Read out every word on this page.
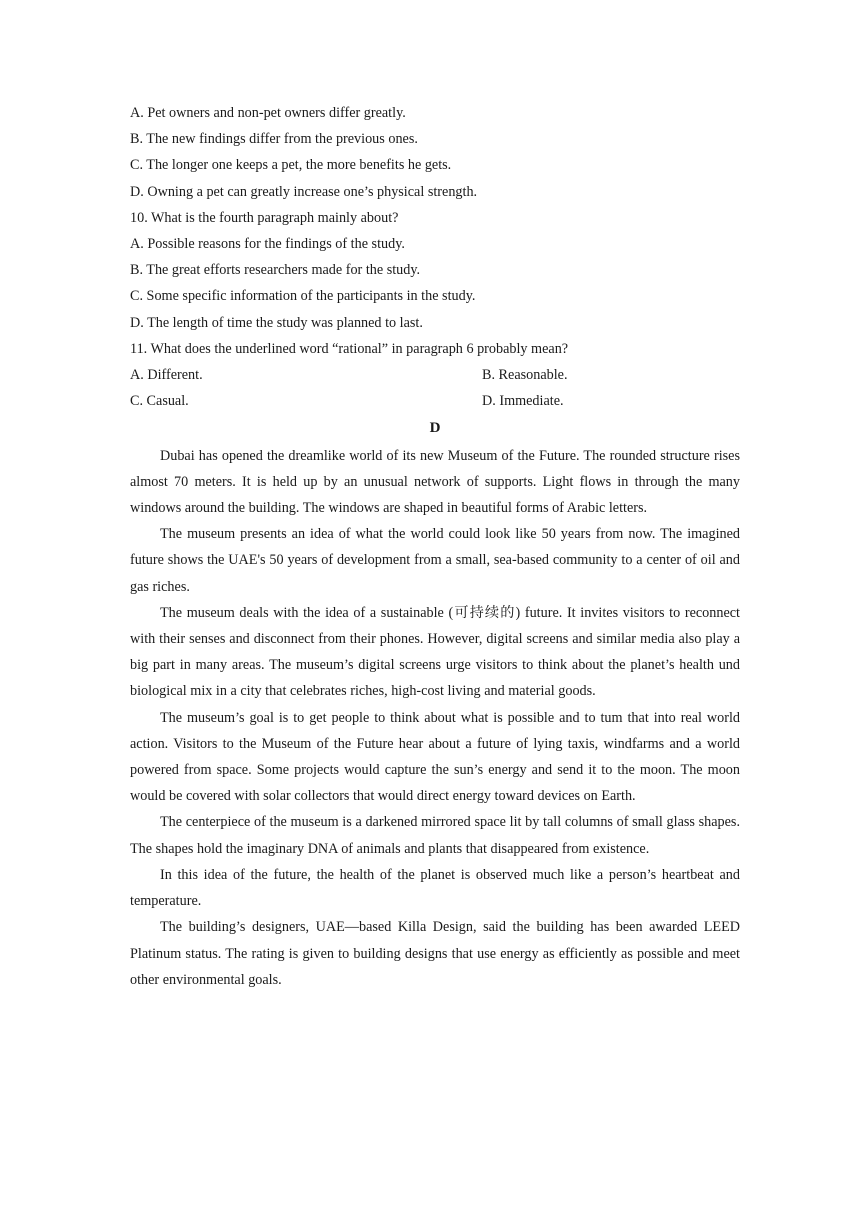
A. Pet owners and non-pet owners differ greatly.

B. The new findings differ from the previous ones.

C. The longer one keeps a pet, the more benefits he gets.

D. Owning a pet can greatly increase one’s physical strength.

10. What is the fourth paragraph mainly about?

A. Possible reasons for the findings of the study.

B. The great efforts researchers made for the study.

C. Some specific information of the participants in the study.

D. The length of time the study was planned to last.

11. What does the underlined word “rational” in paragraph 6 probably mean?

A. Different.	B. Reasonable.
C. Casual.	D. Immediate.
D

Dubai has opened the dreamlike world of its new Museum of the Future. The rounded structure rises almost 70 meters. It is held up by an unusual network of supports. Light flows in through the many windows around the building. The windows are shaped in beautiful forms of Arabic letters.

The museum presents an idea of what the world could look like 50 years from now. The imagined future shows the UAE's 50 years of development from a small, sea-based community to a center of oil and gas riches.

The museum deals with the idea of a sustainable (可持续的) future. It invites visitors to reconnect with their senses and disconnect from their phones. However, digital screens and similar media also play a big part in many areas. The museum’s digital screens urge visitors to think about the planet’s health und biological mix in a city that celebrates riches, high-cost living and material goods.

The museum’s goal is to get people to think about what is possible and to tum that into real world action. Visitors to the Museum of the Future hear about a future of lying taxis, windfarms and a world powered from space. Some projects would capture the sun’s energy and send it to the moon. The moon would be covered with solar collectors that would direct energy toward devices on Earth.

The centerpiece of the museum is a darkened mirrored space lit by tall columns of small glass shapes. The shapes hold the imaginary DNA of animals and plants that disappeared from existence.

In this idea of the future, the health of the planet is observed much like a person’s heartbeat and temperature.

The building’s designers, UAE—based Killa Design, said the building has been awarded LEED Platinum status. The rating is given to building designs that use energy as efficiently as possible and meet other environmental goals.
